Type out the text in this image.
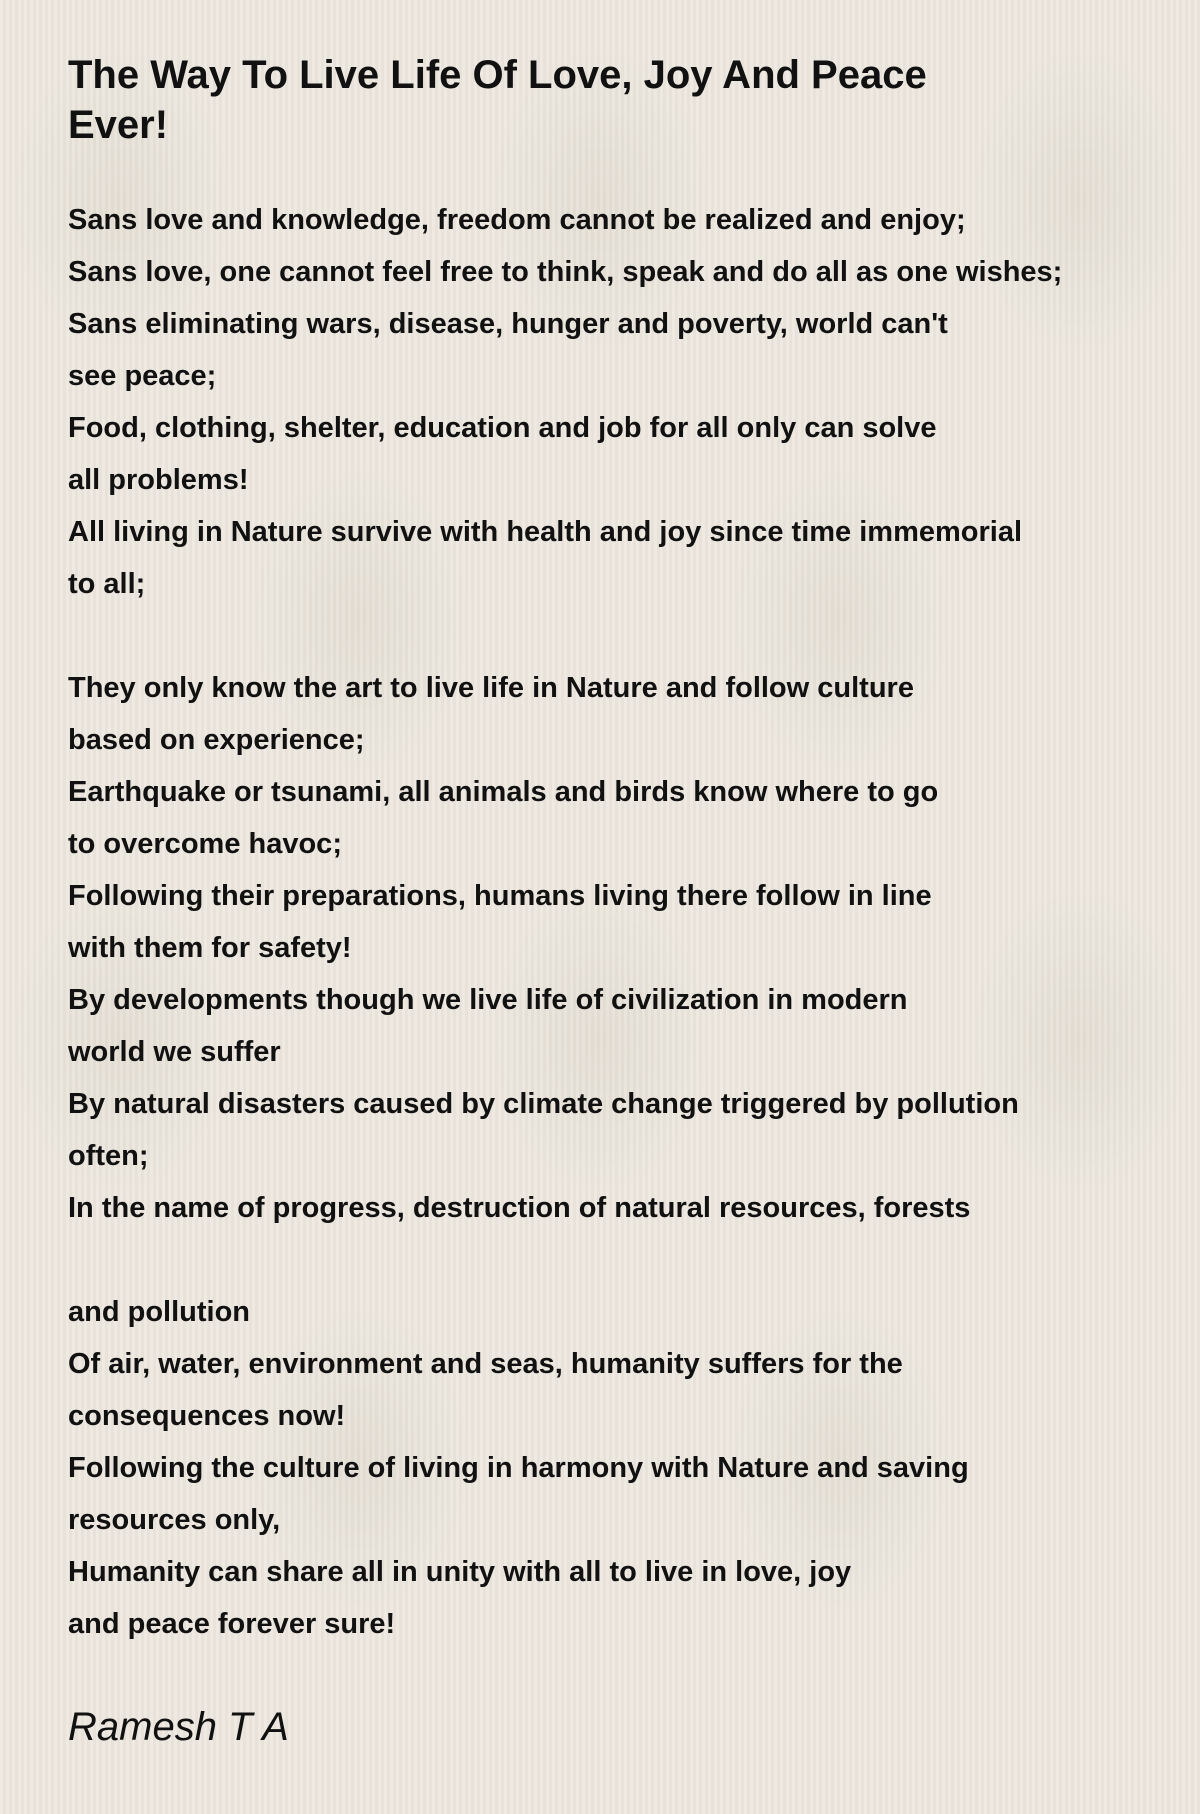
The Way To Live Life Of Love, Joy And Peace Ever!
Sans love and knowledge, freedom cannot be realized and enjoy;
Sans love, one cannot feel free to think, speak and do all as one wishes;
Sans eliminating wars, disease, hunger and poverty, world can't
see peace;
Food, clothing, shelter, education and job for all only can solve
all problems!
All living in Nature survive with health and joy since time immemorial
to all;
They only know the art to live life in Nature and follow culture
based on experience;
Earthquake or tsunami, all animals and birds know where to go
to overcome havoc;
Following their preparations, humans living there follow in line
with them for safety!
By developments though we live life of civilization in modern
world we suffer
By natural disasters caused by climate change triggered by pollution
often;
In the name of progress, destruction of natural resources, forests
and pollution
Of air, water, environment and seas, humanity suffers for the
consequences now!
Following the culture of living in harmony with Nature and saving
resources only,
Humanity can share all in unity with all to live in love, joy
and peace forever sure!
Ramesh T A
